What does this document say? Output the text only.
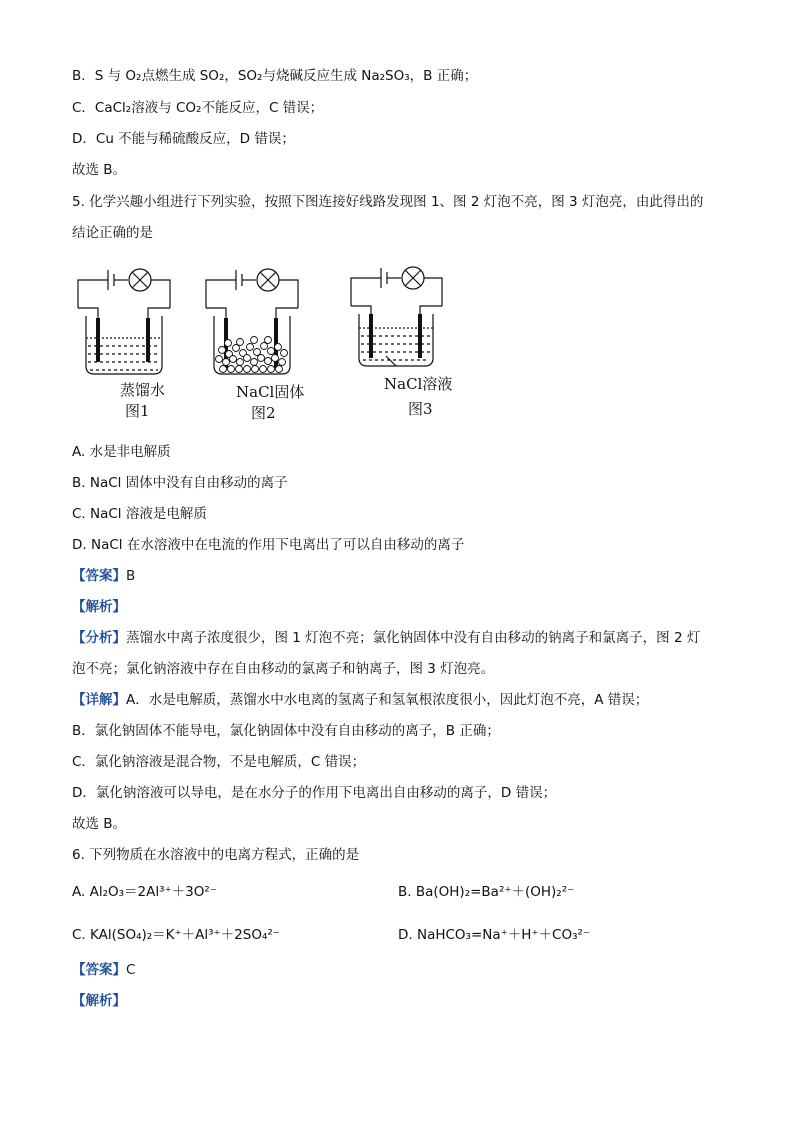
B．S 与 O₂点燃生成 SO₂，SO₂与烧碱反应生成 Na₂SO₃，B 正确；
C．CaCl₂溶液与 CO₂不能反应，C 错误；
D．Cu 不能与稀硫酸反应，D 错误；
故选 B。
5. 化学兴趣小组进行下列实验，按照下图连接好线路发现图 1、图 2 灯泡不亮，图 3 灯泡亮，由此得出的
结论正确的是
蒸馏水
图1
NaCl固体
图2
NaCl溶液
图3
A. 水是非电解质
B. NaCl 固体中没有自由移动的离子
C. NaCl 溶液是电解质
D. NaCl 在水溶液中在电流的作用下电离出了可以自由移动的离子
【答案】B
【解析】
【分析】蒸馏水中离子浓度很少，图 1 灯泡不亮；氯化钠固体中没有自由移动的钠离子和氯离子，图 2 灯
泡不亮；氯化钠溶液中存在自由移动的氯离子和钠离子，图 3 灯泡亮。
【详解】A．水是电解质，蒸馏水中水电离的氢离子和氢氧根浓度很小，因此灯泡不亮，A 错误；
B．氯化钠固体不能导电，氯化钠固体中没有自由移动的离子，B 正确；
C．氯化钠溶液是混合物，不是电解质，C 错误；
D．氯化钠溶液可以导电，是在水分子的作用下电离出自由移动的离子，D 错误；
故选 B。
6. 下列物质在水溶液中的电离方程式，正确的是
A. Al₂O₃＝2Al³⁺＋3O²⁻	B. Ba(OH)₂=Ba²⁺＋(OH)₂²⁻
C. KAl(SO₄)₂＝K⁺＋Al³⁺＋2SO₄²⁻	D. NaHCO₃=Na⁺＋H⁺＋CO₃²⁻
【答案】C
【解析】
